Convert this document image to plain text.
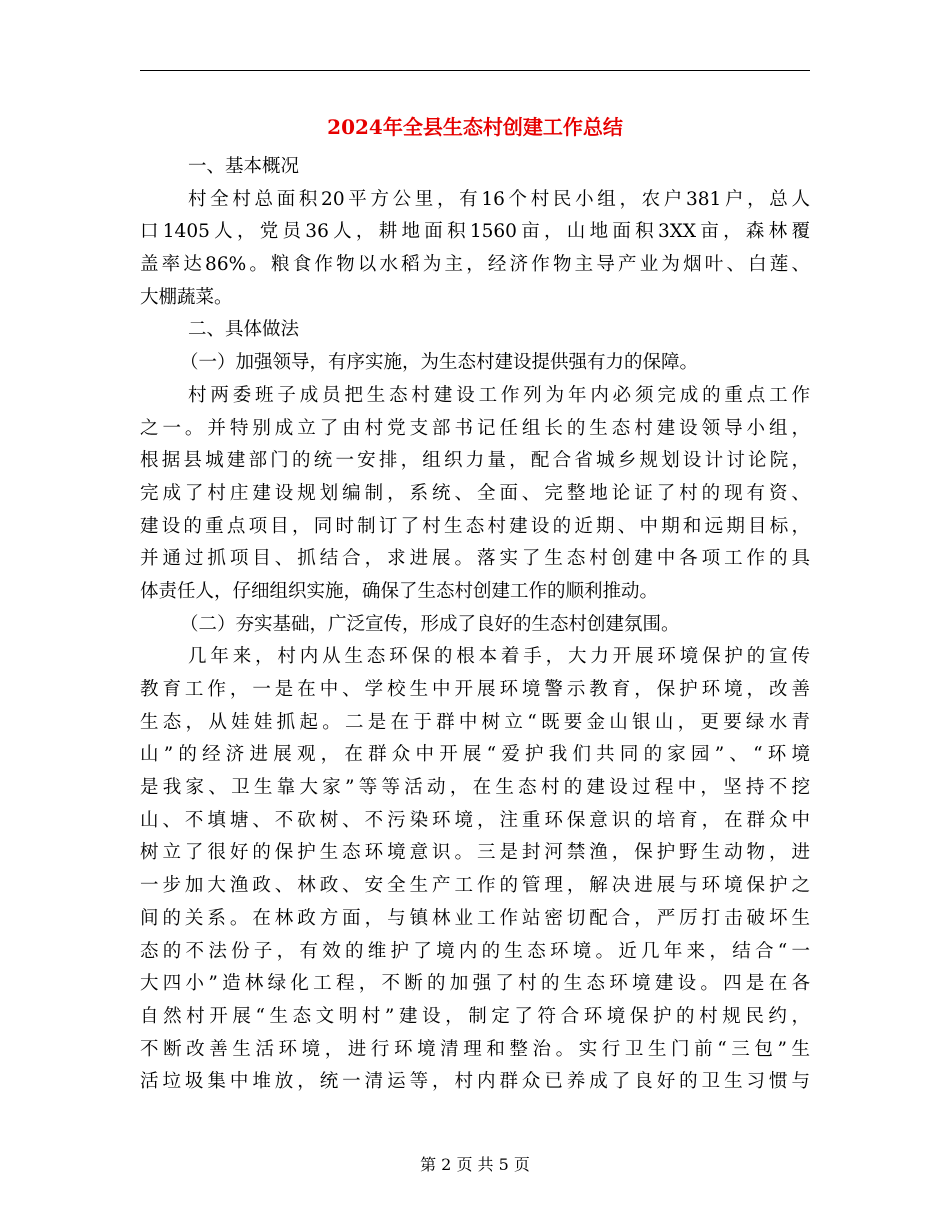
2024年全县生态村创建工作总结
一、基本概况
村全村总面积20平方公里，有16个村民小组，农户381户，总人
口1405人，党员36人，耕地面积1560亩，山地面积3XX亩，森林覆
盖率达86%。粮食作物以水稻为主，经济作物主导产业为烟叶、白莲、
大棚蔬菜。
二、具体做法
（一）加强领导，有序实施，为生态村建设提供强有力的保障。
村两委班子成员把生态村建设工作列为年内必须完成的重点工作
之一。并特别成立了由村党支部书记任组长的生态村建设领导小组，
根据县城建部门的统一安排，组织力量，配合省城乡规划设计讨论院，
完成了村庄建设规划编制，系统、全面、完整地论证了村的现有资、
建设的重点项目，同时制订了村生态村建设的近期、中期和远期目标，
并通过抓项目、抓结合，求进展。落实了生态村创建中各项工作的具
体责任人，仔细组织实施，确保了生态村创建工作的顺利推动。
（二）夯实基础，广泛宣传，形成了良好的生态村创建氛围。
几年来，村内从生态环保的根本着手，大力开展环境保护的宣传
教育工作，一是在中、学校生中开展环境警示教育，保护环境，改善
生态，从娃娃抓起。二是在于群中树立“既要金山银山，更要绿水青
山”的经济进展观，在群众中开展“爱护我们共同的家园”、“环境
是我家、卫生靠大家”等等活动，在生态村的建设过程中，坚持不挖
山、不填塘、不砍树、不污染环境，注重环保意识的培育，在群众中
树立了很好的保护生态环境意识。三是封河禁渔，保护野生动物，进
一步加大渔政、林政、安全生产工作的管理，解决进展与环境保护之
间的关系。在林政方面，与镇林业工作站密切配合，严厉打击破坏生
态的不法份子，有效的维护了境内的生态环境。近几年来，结合“一
大四小”造林绿化工程，不断的加强了村的生态环境建设。四是在各
自然村开展“生态文明村”建设，制定了符合环境保护的村规民约，
不断改善生活环境，进行环境清理和整治。实行卫生门前“三包”生
活垃圾集中堆放，统一清运等，村内群众已养成了良好的卫生习惯与
第 2 页 共 5 页
